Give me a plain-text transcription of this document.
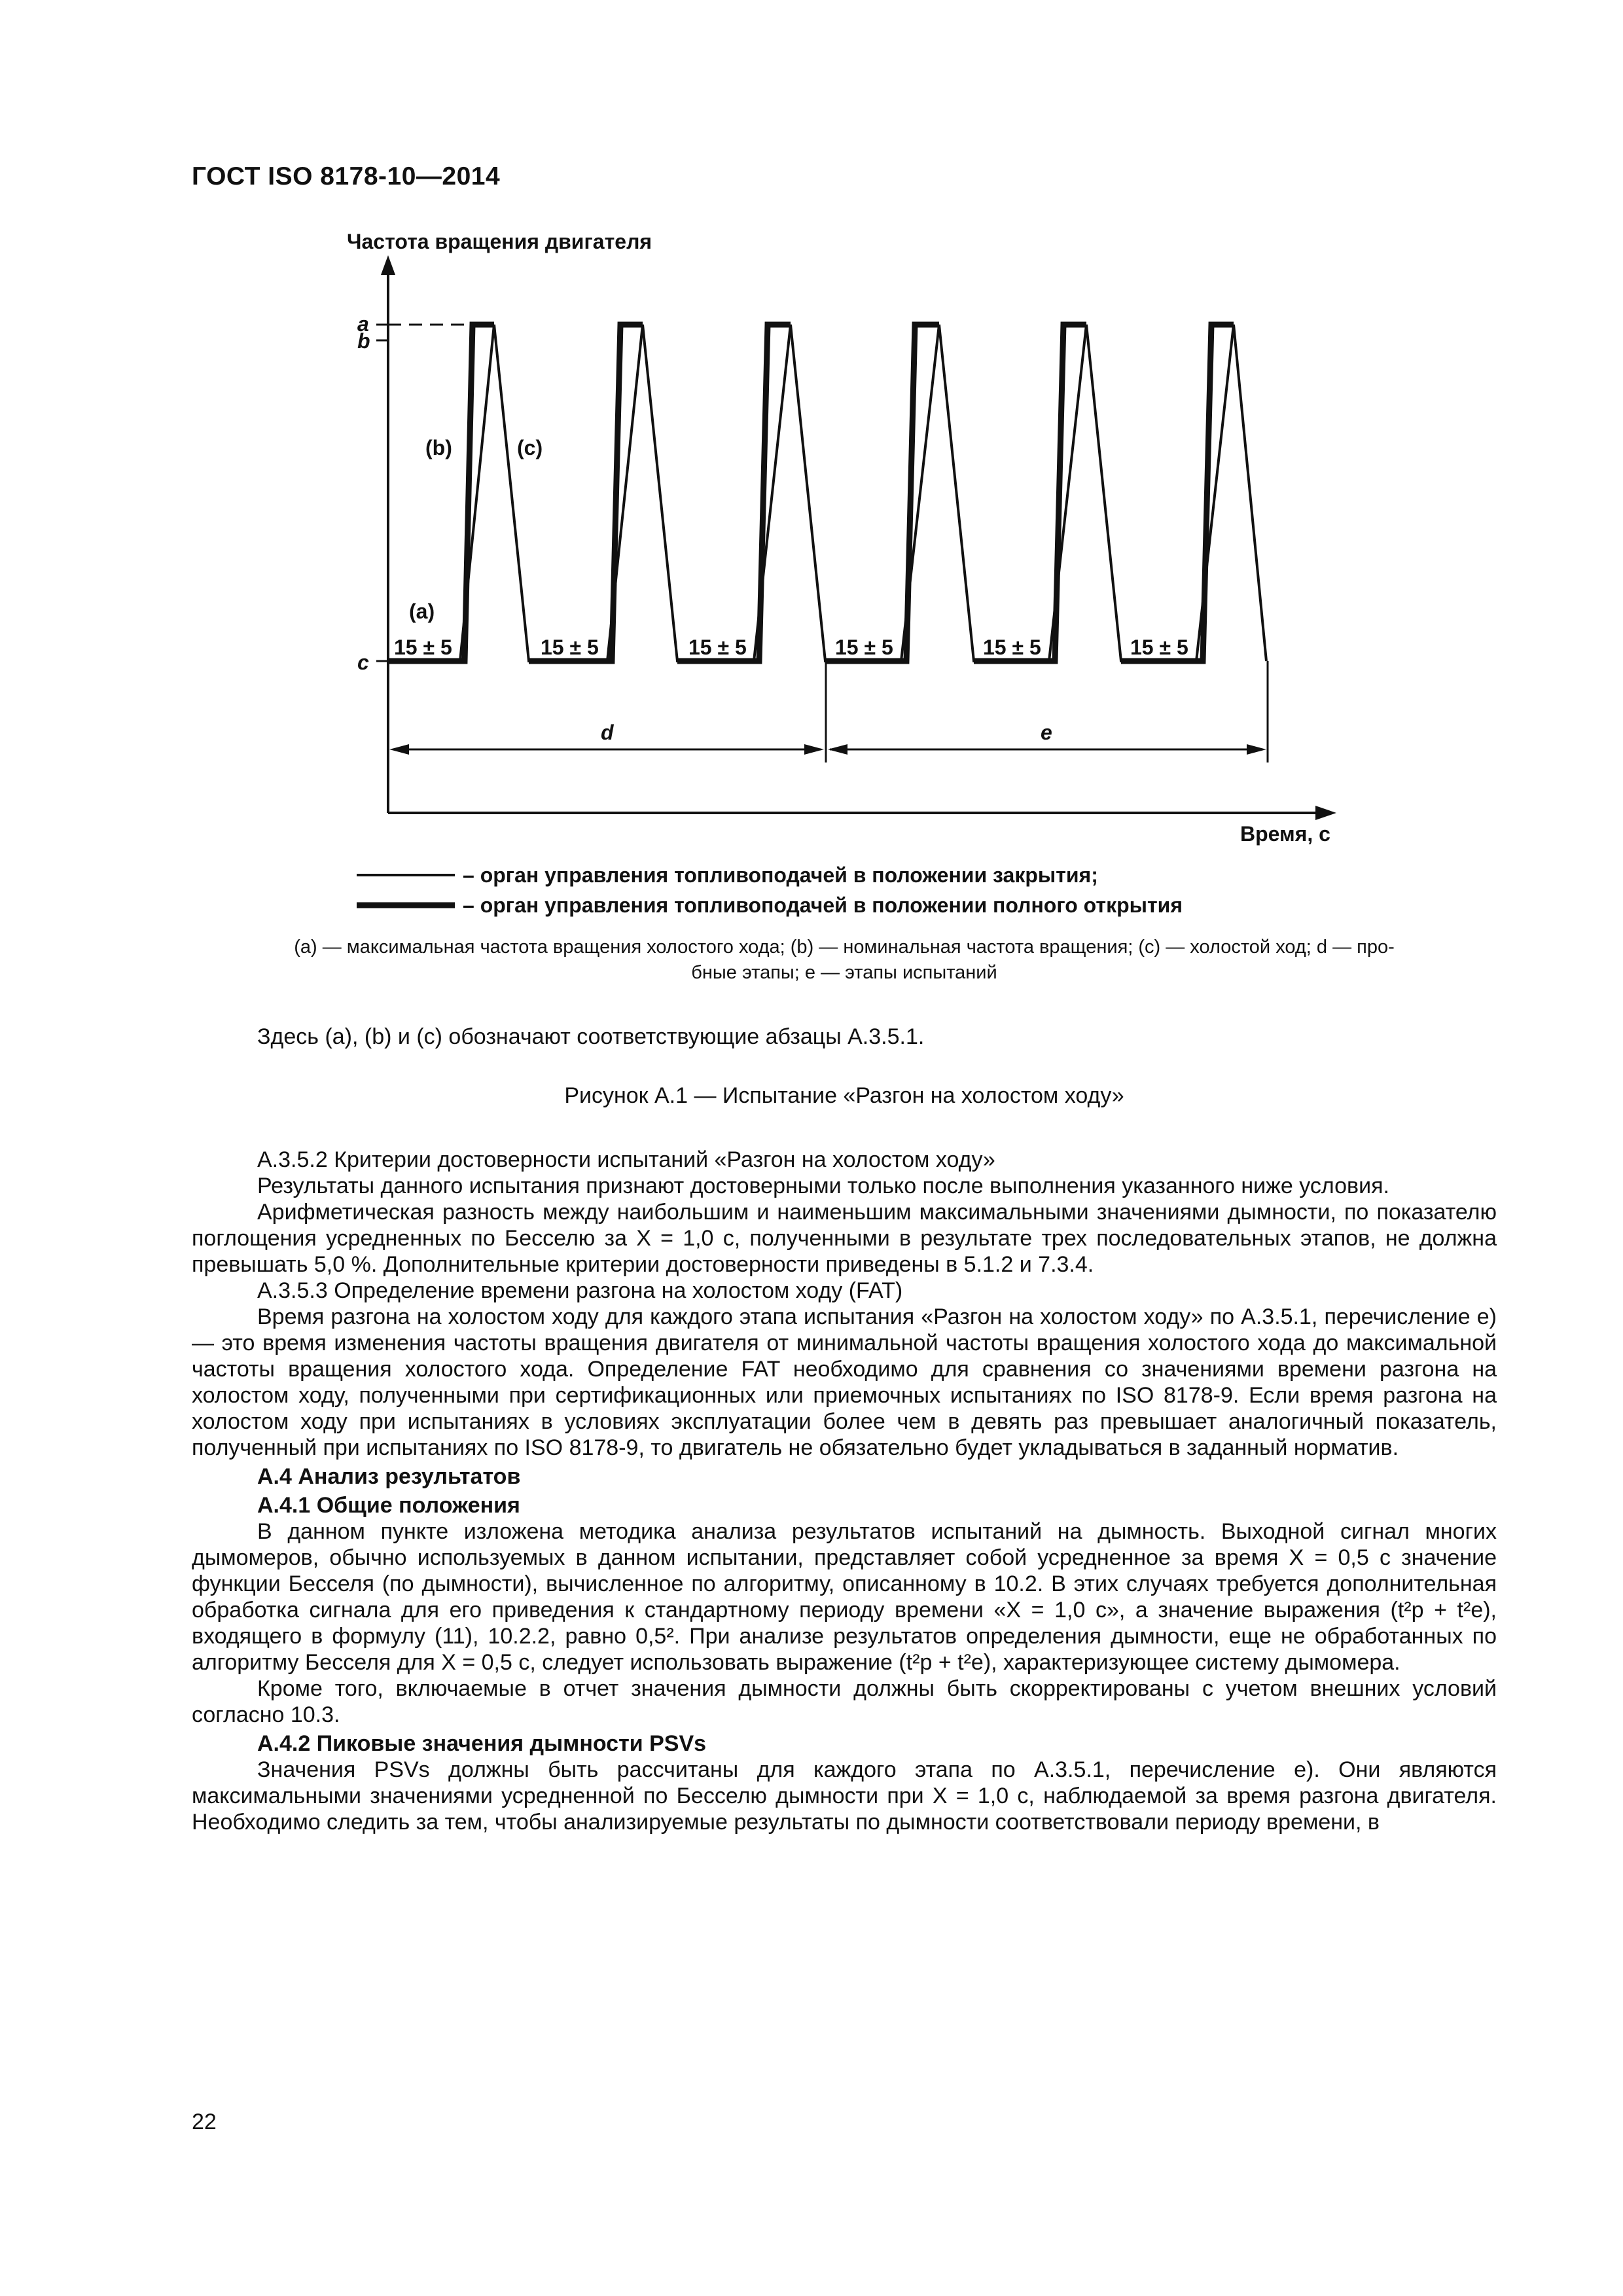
ГОСТ ISO 8178-10—2014
Частота вращения двигателя
Время, с
a
b
c
(b)	(c)
(a)
15 ± 5	15 ± 5	15 ± 5	15 ± 5	15 ± 5	15 ± 5
d	e
– орган управления топливоподачей в положении закрытия;
– орган управления топливоподачей в положении полного открытия
(a) — максимальная частота вращения холостого хода; (b) — номинальная частота вращения; (c) — холостой ход; d — про-
бные этапы; e — этапы испытаний

Здесь (a), (b) и (c) обозначают соответствующие абзацы А.3.5.1.

Рисунок А.1 — Испытание «Разгон на холостом ходу»

А.3.5.2 Критерии достоверности испытаний «Разгон на холостом ходу»

Результаты данного испытания признают достоверными только после выполнения указанного ниже условия.

Арифметическая разность между наибольшим и наименьшим максимальными значениями дымности, по показателю поглощения усредненных по Бесселю за X = 1,0 с, полученными в результате трех последовательных этапов, не должна превышать 5,0 %. Дополнительные критерии достоверности приведены в 5.1.2 и 7.3.4.

А.3.5.3 Определение времени разгона на холостом ходу (FAT)

Время разгона на холостом ходу для каждого этапа испытания «Разгон на холостом ходу» по А.3.5.1, перечисление е) — это время изменения частоты вращения двигателя от минимальной частоты вращения холостого хода до максимальной частоты вращения холостого хода. Определение FAT необходимо для сравнения со значениями времени разгона на холостом ходу, полученными при сертификационных или приемочных испытаниях по ISO 8178-9. Если время разгона на холостом ходу при испытаниях в условиях эксплуатации более чем в девять раз превышает аналогичный показатель, полученный при испытаниях по ISO 8178-9, то двигатель не обязательно будет укладываться в заданный норматив.

А.4 Анализ результатов

А.4.1 Общие положения

В данном пункте изложена методика анализа результатов испытаний на дымность. Выходной сигнал многих дымомеров, обычно используемых в данном испытании, представляет собой усредненное за время X = 0,5 с значение функции Бесселя (по дымности), вычисленное по алгоритму, описанному в 10.2. В этих случаях требуется дополнительная обработка сигнала для его приведения к стандартному периоду времени «X = 1,0 с», а значение выражения (t²p + t²e), входящего в формулу (11), 10.2.2, равно 0,5². При анализе результатов определения дымности, еще не обработанных по алгоритму Бесселя для X = 0,5 с, следует использовать выражение (t²p + t²e), характеризующее систему дымомера.

Кроме того, включаемые в отчет значения дымности должны быть скорректированы с учетом внешних условий согласно 10.3.

А.4.2 Пиковые значения дымности PSVs

Значения PSVs должны быть рассчитаны для каждого этапа по А.3.5.1, перечисление е). Они являются максимальными значениями усредненной по Бесселю дымности при X = 1,0 с, наблюдаемой за время разгона двигателя. Необходимо следить за тем, чтобы анализируемые результаты по дымности соответствовали периоду времени, в

22
